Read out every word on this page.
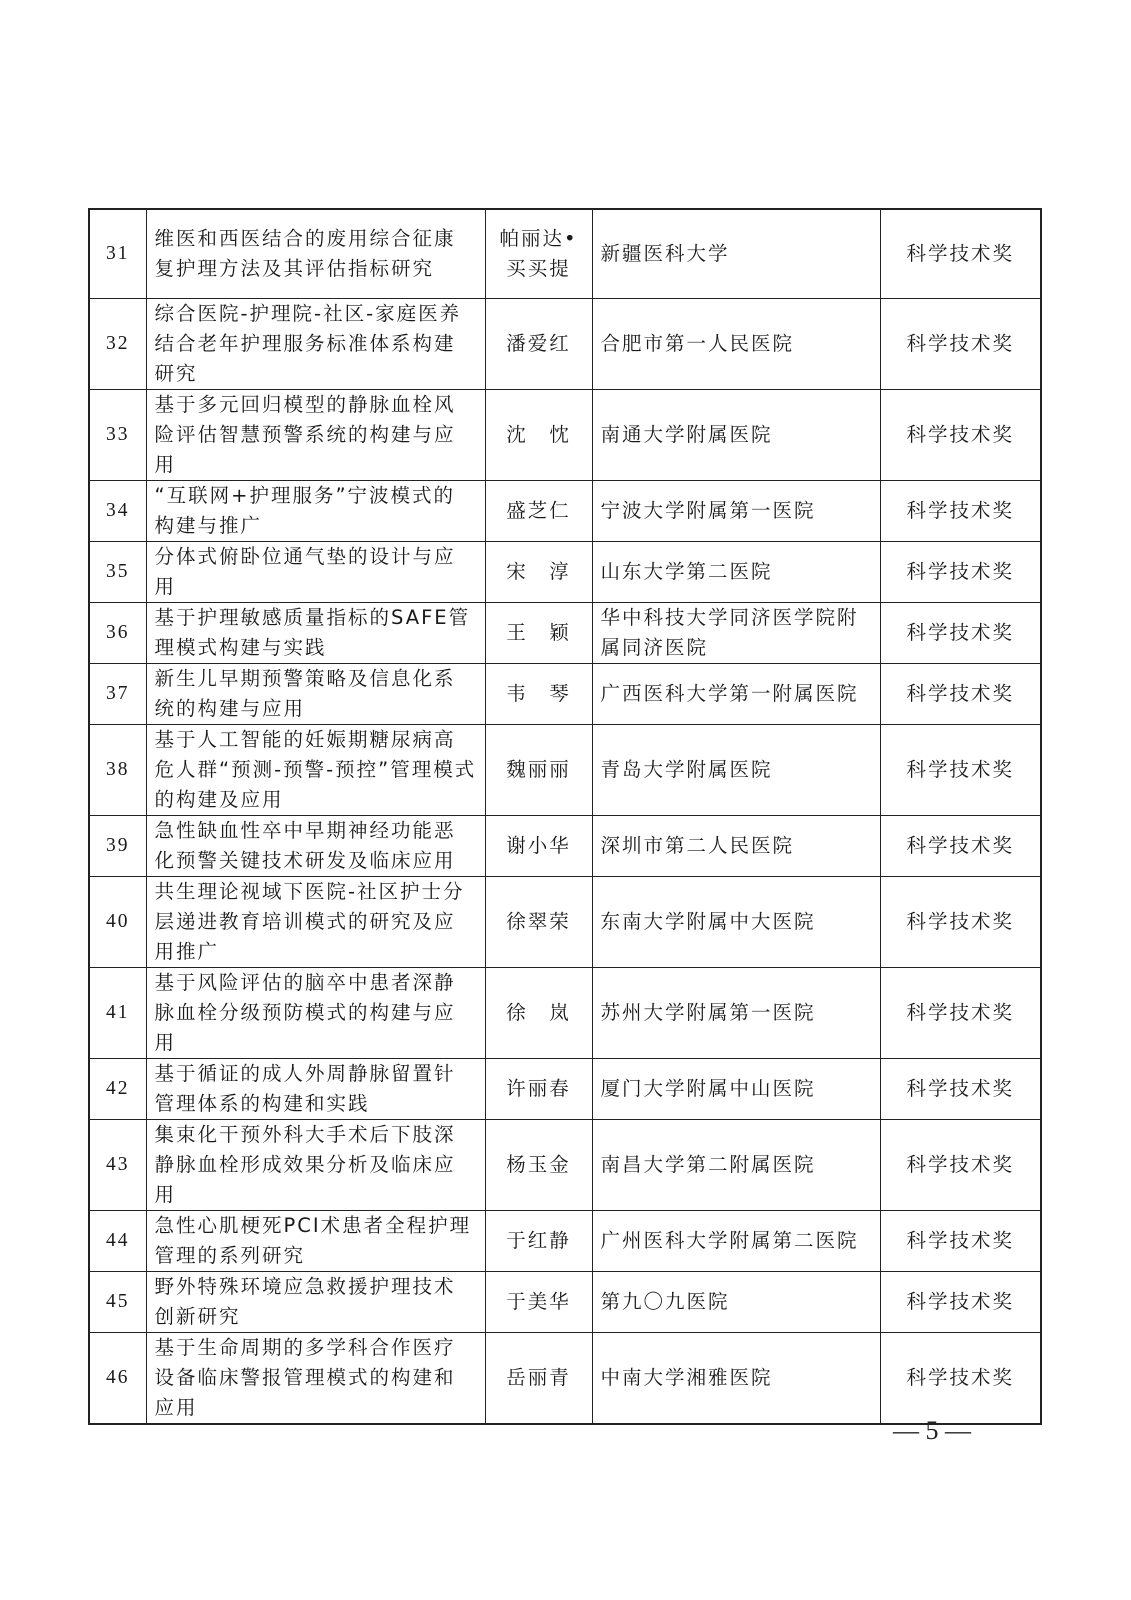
31	维医和西医结合的废用综合征康复护理方法及其评估指标研究	帕丽达•买买提	新疆医科大学	科学技术奖
32	综合医院-护理院-社区-家庭医养结合老年护理服务标准体系构建研究	潘爱红	合肥市第一人民医院	科学技术奖
33	基于多元回归模型的静脉血栓风险评估智慧预警系统的构建与应用	沈　忱	南通大学附属医院	科学技术奖
34	“互联网+护理服务”宁波模式的构建与推广	盛芝仁	宁波大学附属第一医院	科学技术奖
35	分体式俯卧位通气垫的设计与应用	宋　淳	山东大学第二医院	科学技术奖
36	基于护理敏感质量指标的SAFE管理模式构建与实践	王　颖	华中科技大学同济医学院附属同济医院	科学技术奖
37	新生儿早期预警策略及信息化系统的构建与应用	韦　琴	广西医科大学第一附属医院	科学技术奖
38	基于人工智能的妊娠期糖尿病高危人群“预测-预警-预控”管理模式的构建及应用	魏丽丽	青岛大学附属医院	科学技术奖
39	急性缺血性卒中早期神经功能恶化预警关键技术研发及临床应用	谢小华	深圳市第二人民医院	科学技术奖
40	共生理论视域下医院-社区护士分层递进教育培训模式的研究及应用推广	徐翠荣	东南大学附属中大医院	科学技术奖
41	基于风险评估的脑卒中患者深静脉血栓分级预防模式的构建与应用	徐　岚	苏州大学附属第一医院	科学技术奖
42	基于循证的成人外周静脉留置针管理体系的构建和实践	许丽春	厦门大学附属中山医院	科学技术奖
43	集束化干预外科大手术后下肢深静脉血栓形成效果分析及临床应用	杨玉金	南昌大学第二附属医院	科学技术奖
44	急性心肌梗死PCI术患者全程护理管理的系列研究	于红静	广州医科大学附属第二医院	科学技术奖
45	野外特殊环境应急救援护理技术创新研究	于美华	第九〇九医院	科学技术奖
46	基于生命周期的多学科合作医疗设备临床警报管理模式的构建和应用	岳丽青	中南大学湘雅医院	科学技术奖
— 5 —
